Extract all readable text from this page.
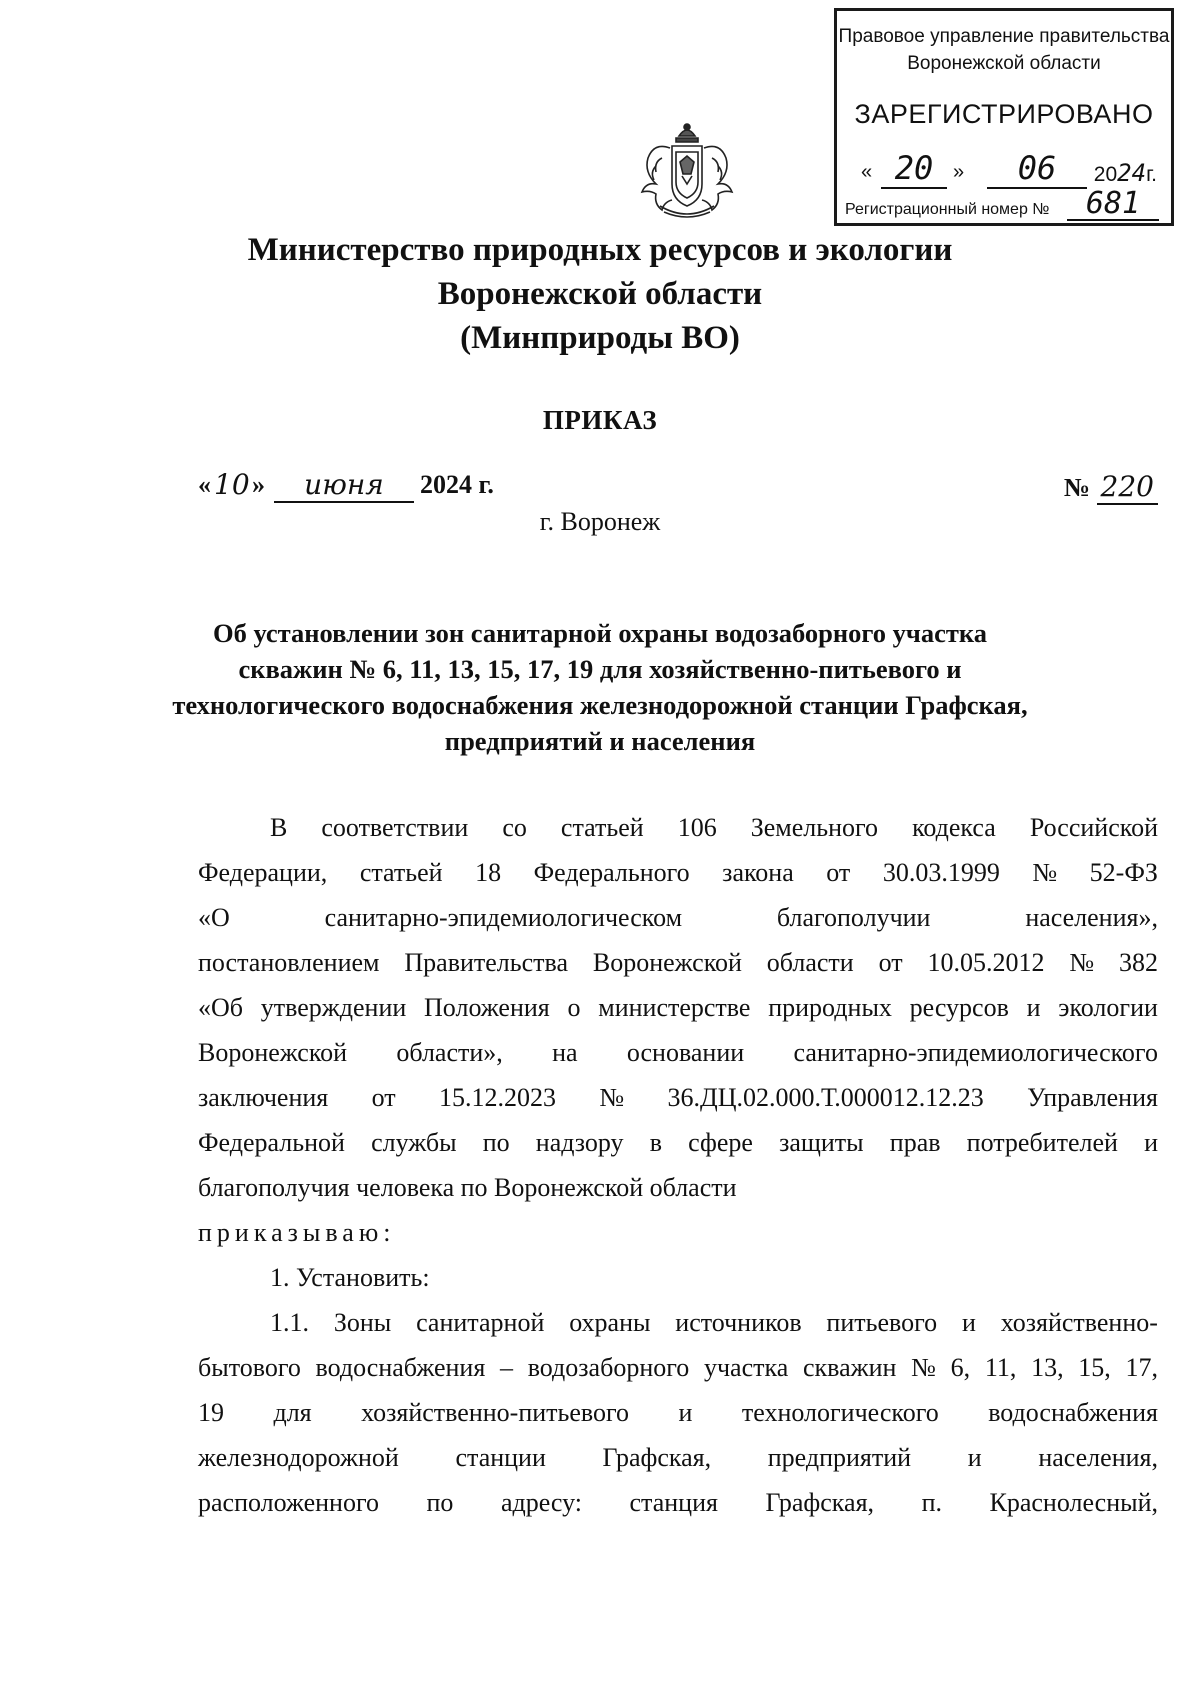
Правовое управление правительства
Воронежской области
ЗАРЕГИСТРИРОВАНО
« 20 »	06	2024г.
Регистрационный номер №	681
Министерство природных ресурсов и экологии
Воронежской области
(Минприроды ВО)
ПРИКАЗ
« 10 »	июня	2024 г.	№ 220
г. Воронеж
Об установлении зон санитарной охраны водозаборного участка
скважин № 6, 11, 13, 15, 17, 19 для хозяйственно-питьевого и
технологического водоснабжения железнодорожной станции Графская,
предприятий и населения
В соответствии со статьей 106 Земельного кодекса Российской
Федерации, статьей 18 Федерального закона от 30.03.1999 № 52-ФЗ
«О	санитарно-эпидемиологическом	благополучии	населения»,
постановлением Правительства Воронежской области от 10.05.2012 № 382
«Об утверждении Положения о министерстве природных ресурсов и экологии
Воронежской области», на основании санитарно-эпидемиологического
заключения от 15.12.2023 № 36.ДЦ.02.000.Т.000012.12.23 Управления
Федеральной службы по надзору в сфере защиты прав потребителей и
благополучия человека по Воронежской области
приказываю:
1. Установить:
1.1. Зоны санитарной охраны источников питьевого и хозяйственно-
бытового водоснабжения – водозаборного участка скважин № 6, 11, 13, 15, 17,
19 для хозяйственно-питьевого и технологического водоснабжения
железнодорожной станции Графская, предприятий и населения,
расположенного по адресу: станция Графская, п. Краснолесный,
